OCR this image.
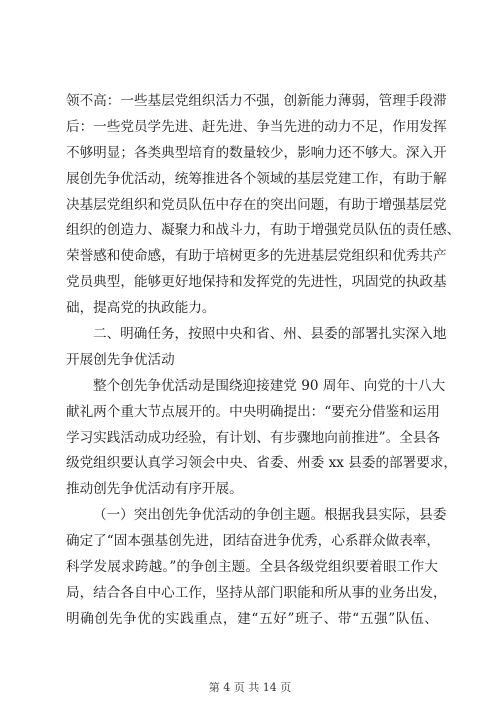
领不高：一些基层党组织活力不强，创新能力薄弱，管理手段滞
后：一些党员学先进、赶先进、争当先进的动力不足，作用发挥
不够明显；各类典型培育的数量较少，影响力还不够大。深入开
展创先争优活动，统筹推进各个领域的基层党建工作，有助于解
决基层党组织和党员队伍中存在的突出问题，有助于增强基层党
组织的创造力、凝聚力和战斗力，有助于增强党员队伍的责任感、
荣誉感和使命感，有助于培树更多的先进基层党组织和优秀共产
党员典型，能够更好地保持和发挥党的先进性，巩固党的执政基
础，提高党的执政能力。
二、明确任务，按照中央和省、州、县委的部署扎实深入地
开展创先争优活动
整个创先争优活动是围绕迎接建党 90 周年、向党的十八大
献礼两个重大节点展开的。中央明确提出：“要充分借鉴和运用
学习实践活动成功经验，有计划、有步骤地向前推进”。全县各
级党组织要认真学习领会中央、省委、州委 xx 县委的部署要求，
推动创先争优活动有序开展。
（一）突出创先争优活动的争创主题。根据我县实际，县委
确定了“固本强基创先进，团结奋进争优秀，心系群众做表率，
科学发展求跨越。”的争创主题。全县各级党组织要着眼工作大
局，结合各自中心工作，坚持从部门职能和所从事的业务出发，
明确创先争优的实践重点，建“五好”班子、带“五强”队伍、
第 4 页 共 14 页
